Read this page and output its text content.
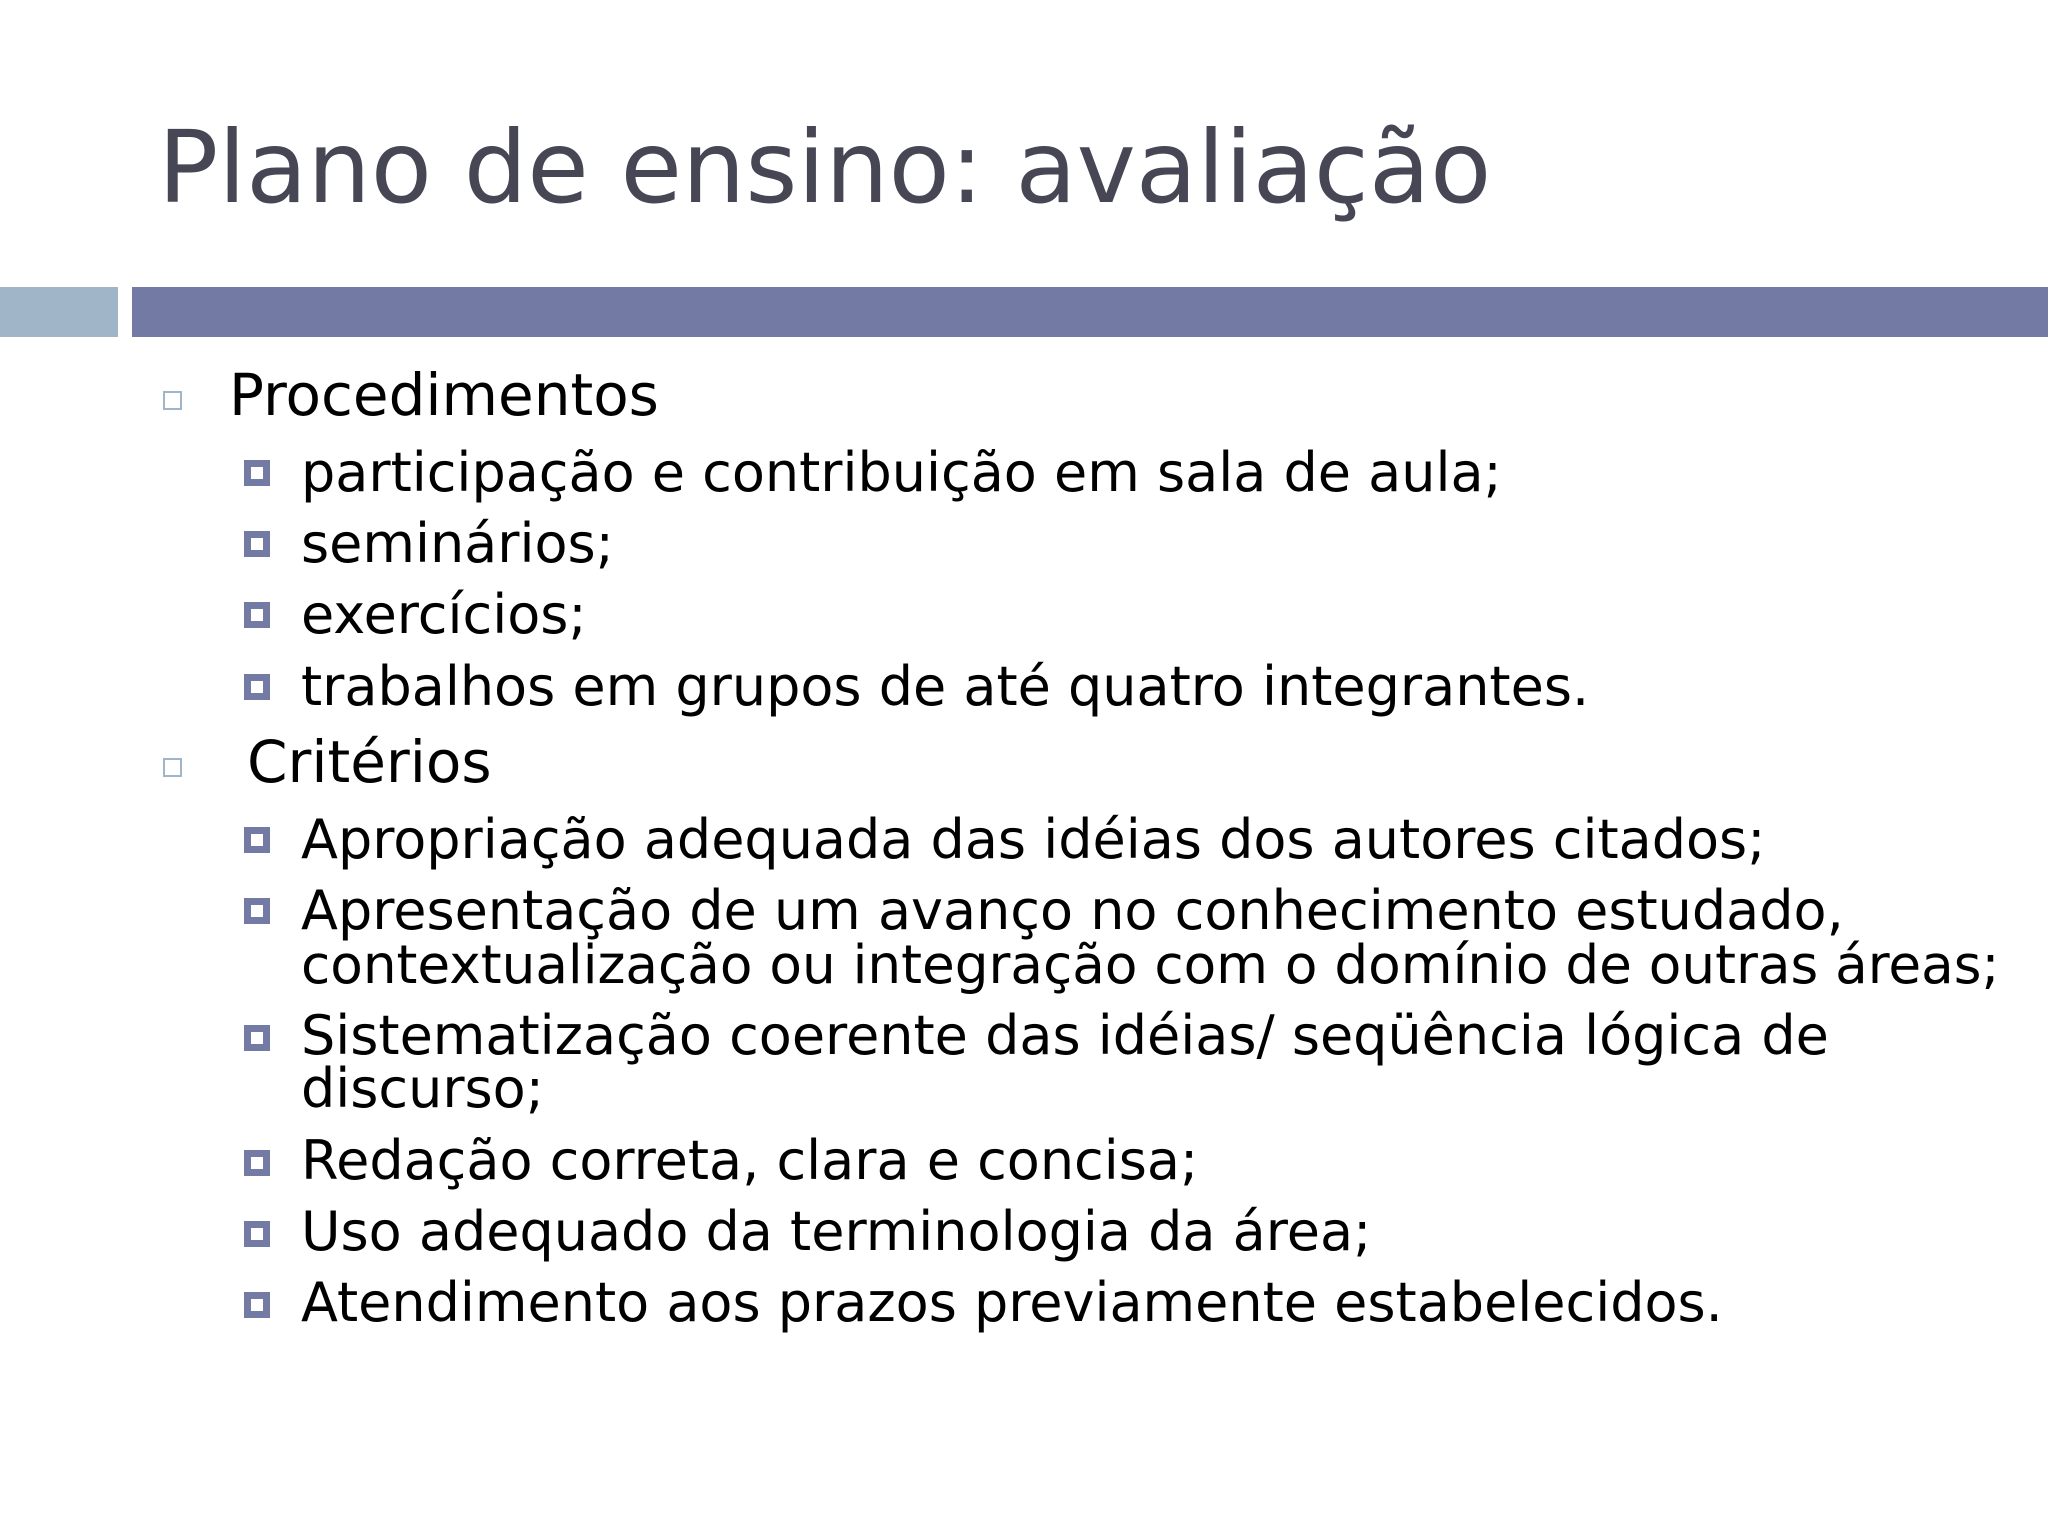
Plano de ensino: avaliação
Procedimentos
participação e contribuição em sala de aula;
seminários;
exercícios;
trabalhos em grupos de até quatro integrantes.
Critérios
Apropriação adequada das idéias dos autores citados;
Apresentação de um avanço no conhecimento estudado,
contextualização ou integração com o domínio de outras áreas;
Sistematização coerente das idéias/ seqüência lógica de
discurso;
Redação correta, clara e concisa;
Uso adequado da terminologia da área;
Atendimento aos prazos previamente estabelecidos.
